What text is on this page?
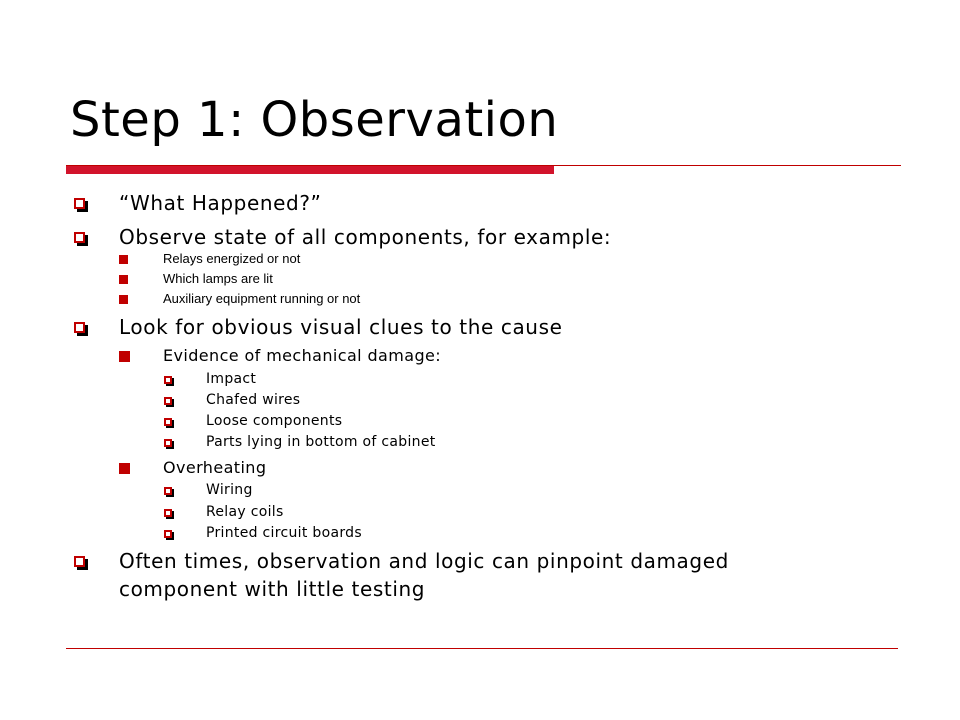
Step 1: Observation
“What Happened?”
Observe state of all components, for example:
Relays energized or not
Which lamps are lit
Auxiliary equipment running or not
Look for obvious visual clues to the cause
Evidence of mechanical damage:
Impact
Chafed wires
Loose components
Parts lying in bottom of cabinet
Overheating
Wiring
Relay coils
Printed circuit boards
Often times, observation and logic can pinpoint damaged
component with little testing
